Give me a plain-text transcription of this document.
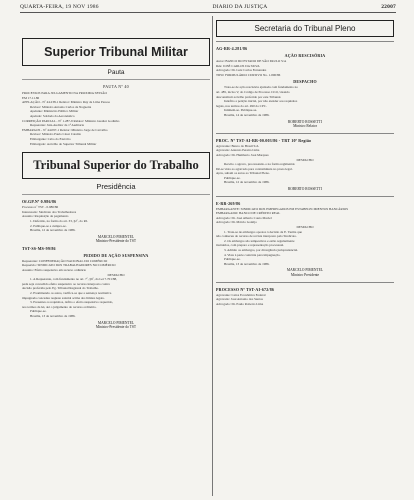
QUARTA-FEIRA, 19 NOV 1986	DIARIO DA JUSTIÇA	22007
Superior Tribunal Militar
Pauta
PAUTA Nº 40
PROCESSOS PARA JULGAMENTO NA PROXIMA SESSÃO
EM 17.11.86
APELAÇÃO - Nº 44.238-1 Relator: Ministro Ruy de Lima Pessoa
Revisor: Ministro Antonio Carlos de Nogueira
Apelante: Ministério Público Militar
Apelado: Soldado da Aeronáutica
CORREIÇÃO PARCIAL - Nº 1.287-9 Relator: Ministro Gualter Godinho
Requerente: Juiz-Auditor da 1ª Auditoria
EMBARGOS - Nº 44.097-1 Relator: Ministro Jorge de Carvalho
Revisor: Ministro Paulo César Cataldo
Embargante: Cabo do Exército
Embargado: Acórdão do Superior Tribunal Militar
Tribunal Superior do Trabalho
Presidência
Of.GP.Nº 0.986/86
Processo nº TST - 0.986/86
Interessado: Sindicato dos Trabalhadores
Assunto: Requisição de pagamento
1. Deferido, na forma do art. 33, §2º, do RI.
2. Publique-se e cumpra-se.
Brasília, 12 de novembro de 1986.
MARCELO PIMENTEL
Ministro-Presidente do TST
TST-SS-MS-99/86
PEDIDO DE AÇÃO SUSPENSIVA
Requerente: CONFEDERAÇÃO NACIONAL DO COMÉRCIO
Requerido: SINDICATO DOS TRABALHADORES NO COMÉRCIO
Assunto: Efeito suspensivo em recurso ordinário
DESPACHO
1. A Requerente, com fundamento no art. 7º, §6º, da Lei 7.701/88,
pede seja concedido efeito suspensivo ao recurso interposto contra
decisão proferida pelo Eg. Tribunal Regional do Trabalho.
2. Examinando os autos, verifica-se que a sentença normativa
impugnada concedeu reajuste salarial acima dos limites legais.
3. Presentes os requisitos, defiro o efeito suspensivo requerido,
nos termos da lei, até o julgamento do recurso ordinário.
Publique-se.
Brasília, 13 de novembro de 1986.
MARCELO PIMENTEL
Ministro-Presidente do TST
Secretaria do Tribunal Pleno
AG-RR-4.281/86
AÇÃO RESCISÓRIA
Autor: BANCO DO ESTADO DE SÃO PAULO S/A
Réu: JOSÉ CARLOS DA SILVA
Advogado: Dr. Luiz Carlos Fernandes
TIPO: FORMULÁRIO CURSIVO No. 1.006/86
DESPACHO
Trata-se de ação rescisória ajuizada com fundamento no
art. 485, inciso V, do Código de Processo Civil, visando
desconstituir acórdão proferido por este Tribunal.
Indefiro a petição inicial, por não atender aos requisitos
legais, nos termos do art. 490 do CPC.
Intimem-se. Publique-se.
Brasília, 14 de novembro de 1986.
ROBERTO ROSSETTI
Ministro Relator
PROC. Nº TST-AI-RR-00.003/86 - TRT 10ª Região
Agravante: Banco do Brasil S/A
Agravado: Antonio Pereira Lima
Advogado: Dr. Humberto José Marques
DESPACHO
Recebo o agravo, processando-o na forma regimental.
Dê-se vista ao agravado para contraminuta no prazo legal.
Após, subam os autos ao Tribunal Pleno.
Publique-se.
Brasília, 12 de novembro de 1986.
ROBERTO ROSSETTI
E-RR-269/86
EMBARGANTE: SINDICATO DOS EMPREGADOS EM ESTABELECIMENTOS BANCÁRIOS
EMBARGADO: BANCO DE CRÉDITO REAL
Advogado: Dr. José Alberto Couto Maciel
Advogado: Dr. Márcio Gontijo
DESPACHO
1. Trata-se de embargos opostos à decisão da E. Turma que
não conheceu do recurso de revista interposto pelo Sindicato.
2. Os embargos são tempestivos e estão regularmente
instruídos, com preparo e representação processual.
3. Admito os embargos, por divergência jurisprudencial.
4. Vista à parte contrária para impugnação.
Publique-se.
Brasília, 13 de novembro de 1986.
MARCELO PIMENTEL
Ministro Presidente
PROCESSO Nº TST-AI-672/86
Agravante: Caixa Econômica Federal
Agravado: José Antonio dos Santos
Advogado: Dr. Paulo Roberto Lima
